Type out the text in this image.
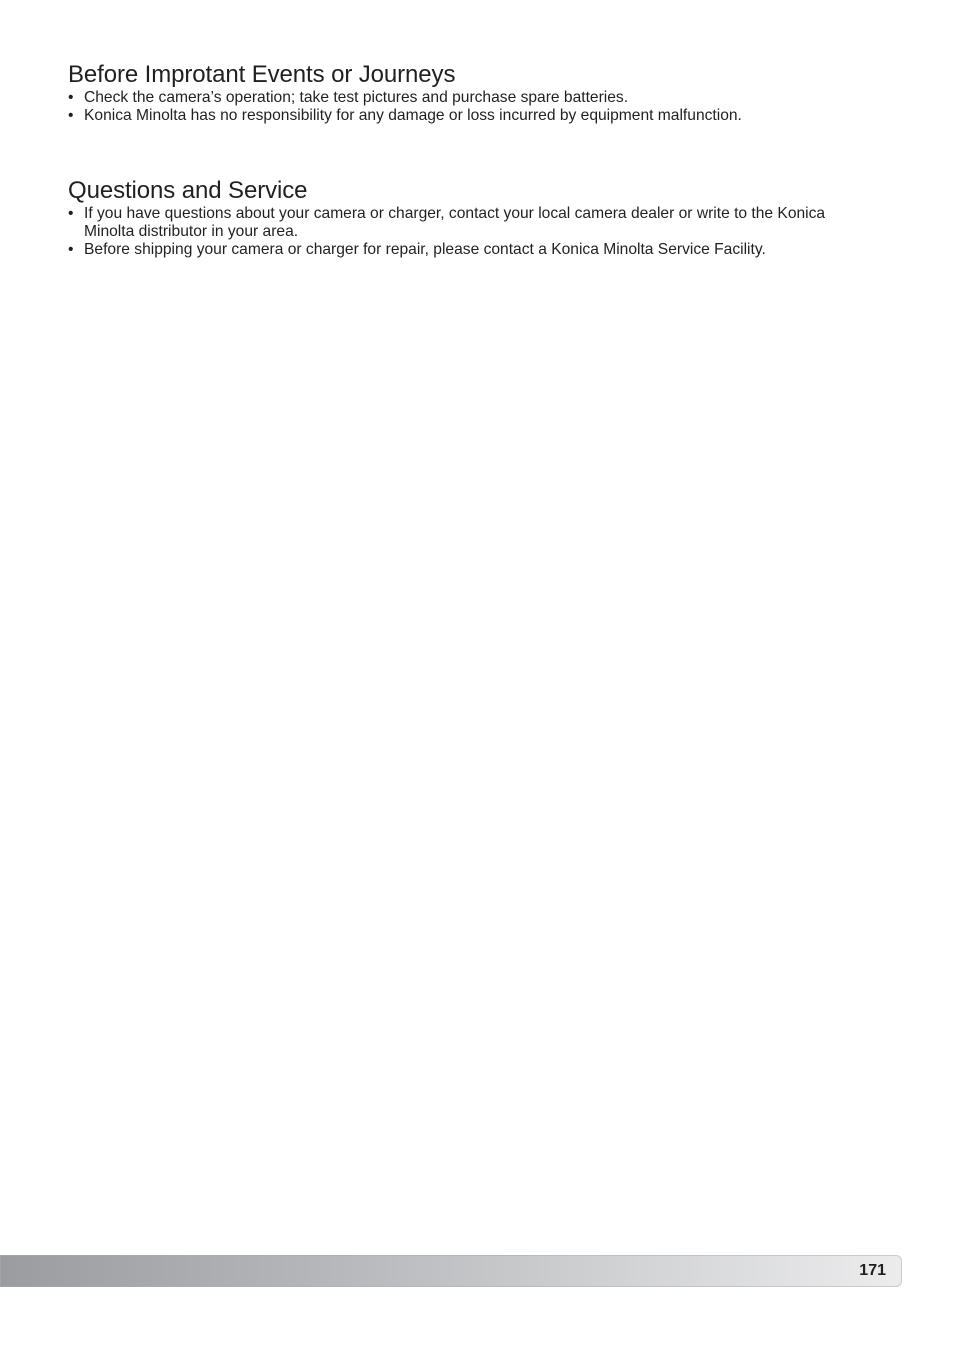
Before Improtant Events or Journeys
• Check the camera’s operation; take test pictures and purchase spare batteries.
• Konica Minolta has no responsibility for any damage or loss incurred by equipment malfunction.
Questions and Service
• If you have questions about your camera or charger, contact your local camera dealer or write to the Konica Minolta distributor in your area.
• Before shipping your camera or charger for repair, please contact a Konica Minolta Service Facility.
171
